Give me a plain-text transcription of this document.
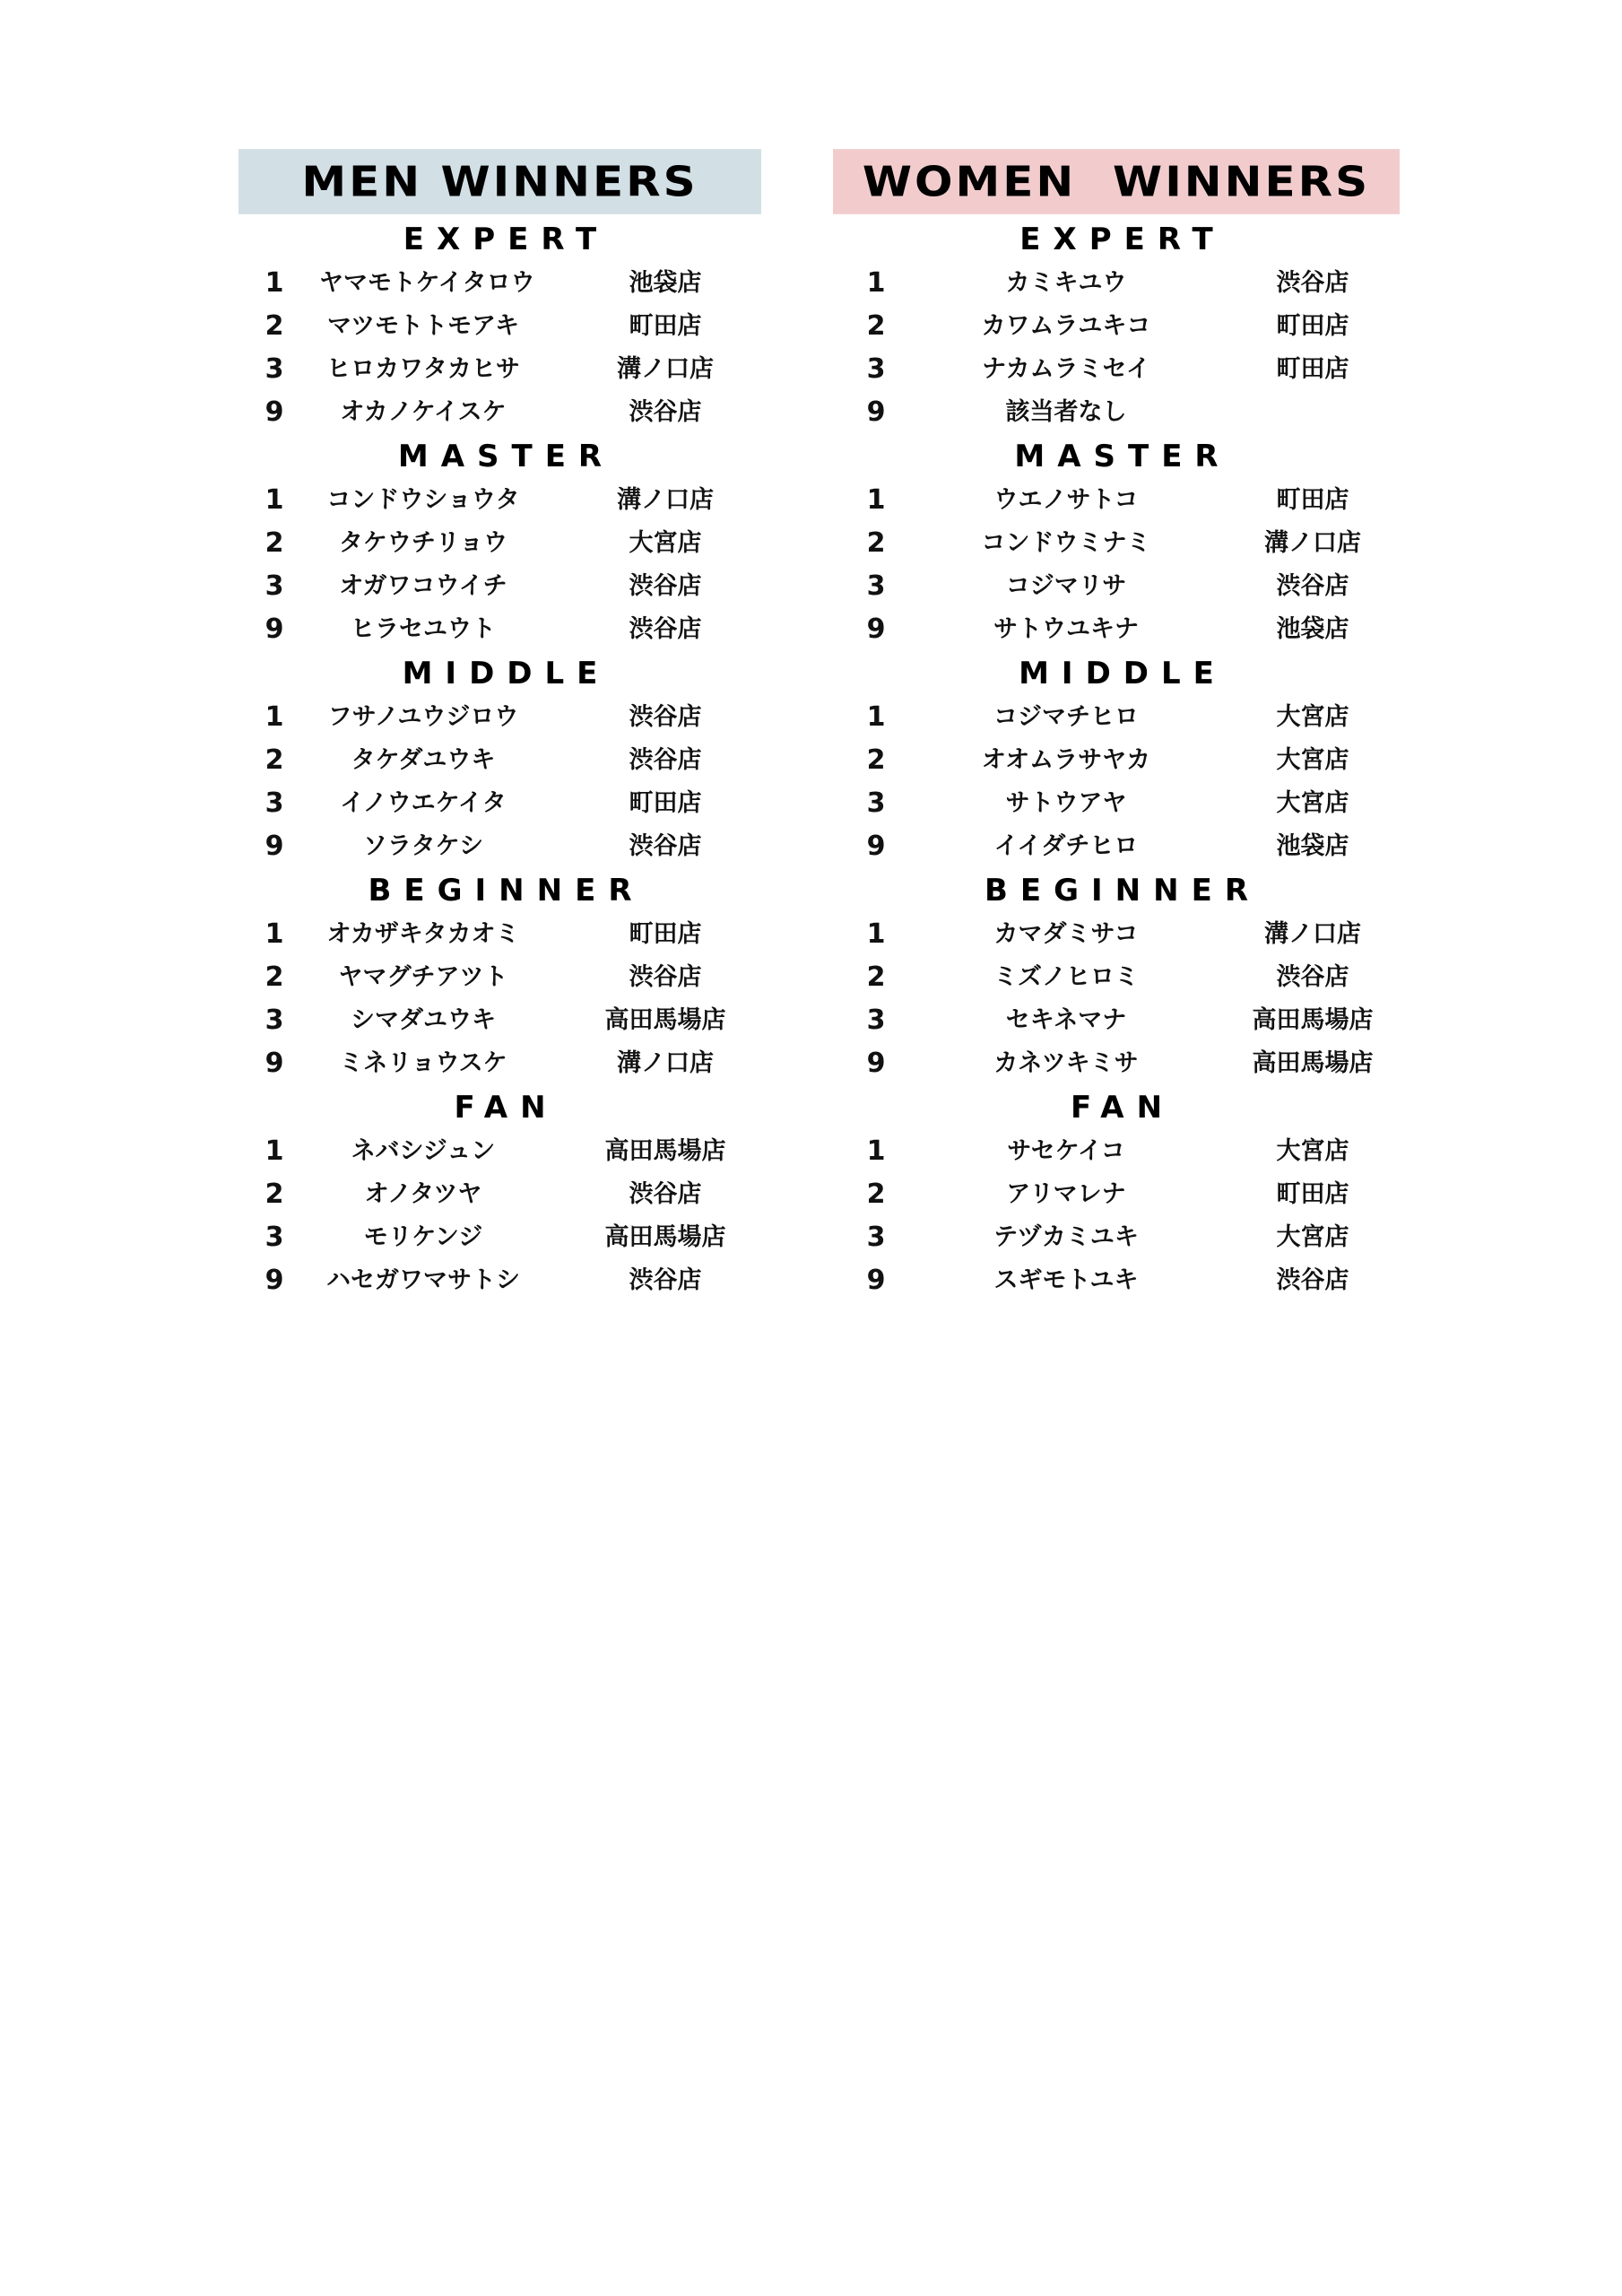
MEN WINNERS
EXPERT
1 ヤマモトケイタロウ	池袋店
2	マツモトトモアキ	町田店
3	ヒロカワタカヒサ	溝ノ口店
9	オカノケイスケ	渋谷店
MASTER
1	コンドウショウタ	溝ノ口店
2	タケウチリョウ	大宮店
3	オガワコウイチ	渋谷店
9	ヒラセユウト	渋谷店
MIDDLE
1	フサノユウジロウ	渋谷店
2	タケダユウキ	渋谷店
3	イノウエケイタ	町田店
9	ソラタケシ	渋谷店
BEGINNER
1	オカザキタカオミ	町田店
2	ヤマグチアツト	渋谷店
3	シマダユウキ	高田馬場店
9	ミネリョウスケ	溝ノ口店
FAN
1	ネバシジュン	高田馬場店
2	オノタツヤ	渋谷店
3	モリケンジ	高田馬場店
9 ハセガワマサトシ	渋谷店
WOMEN  WINNERS
EXPERT
1	カミキユウ	渋谷店
2	カワムラユキコ	町田店
3	ナカムラミセイ	町田店
9	該当者なし
MASTER
1	ウエノサトコ	町田店
2	コンドウミナミ	溝ノ口店
3	コジマリサ	渋谷店
9	サトウユキナ	池袋店
MIDDLE
1	コジマチヒロ	大宮店
2	オオムラサヤカ	大宮店
3	サトウアヤ	大宮店
9	イイダチヒロ	池袋店
BEGINNER
1	カマダミサコ	溝ノ口店
2	ミズノヒロミ	渋谷店
3	セキネマナ	高田馬場店
9	カネツキミサ	高田馬場店
FAN
1	サセケイコ	大宮店
2	アリマレナ	町田店
3	テヅカミユキ	大宮店
9	スギモトユキ	渋谷店
